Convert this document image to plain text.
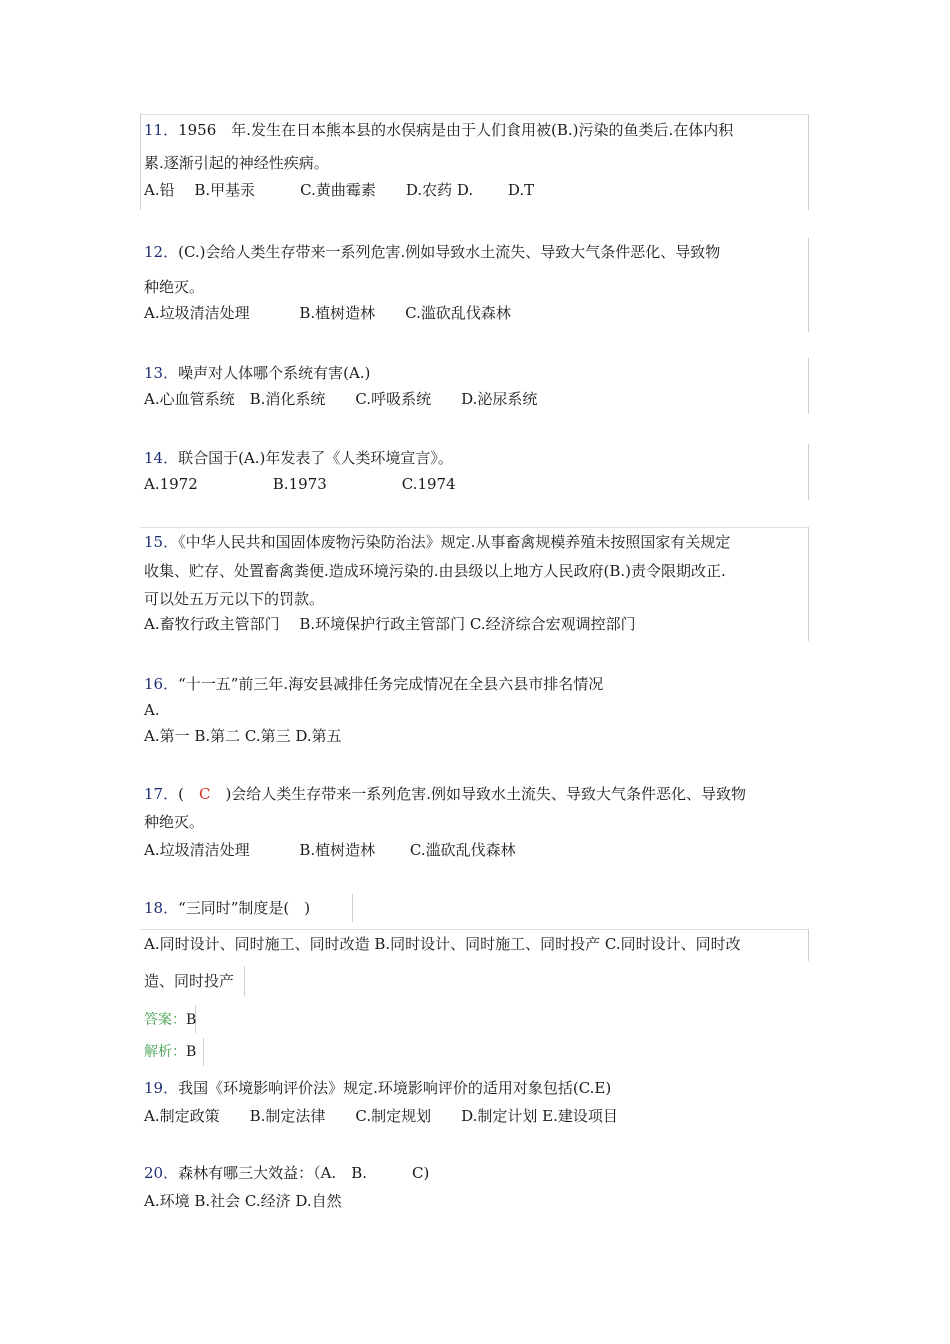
11．1956　年.发生在日本熊本县的水俣病是由于人们食用被(B.)污染的鱼类后.在体内积
累.逐渐引起的神经性疾病。
A.铅　 B.甲基汞　　　C.黄曲霉素　　D.农药 D.　　 D.T
12．(C.)会给人类生存带来一系列危害.例如导致水土流失、导致大气条件恶化、导致物
种绝灭。
A.垃圾清洁处理　　　 B.植树造林　　C.滥砍乱伐森林
13．噪声对人体哪个系统有害(A.)
A.心血管系统　B.消化系统　　C.呼吸系统　　D.泌尿系统
14．联合国于(A.)年发表了《人类环境宣言》。
A.1972　　　　　B.1973　　　　　C.1974
15．《中华人民共和国固体废物污染防治法》规定.从事畜禽规模养殖未按照国家有关规定
收集、贮存、处置畜禽粪便.造成环境污染的.由县级以上地方人民政府(B.)责令限期改正.
可以处五万元以下的罚款。
A.畜牧行政主管部门　 B.环境保护行政主管部门 C.经济综合宏观调控部门
16．“十一五”前三年.海安县减排任务完成情况在全县六县市排名情况
A.
A.第一 B.第二 C.第三 D.第五
17．(　C　)会给人类生存带来一系列危害.例如导致水土流失、导致大气条件恶化、导致物
种绝灭。
A.垃圾清洁处理　　　 B.植树造林　　 C.滥砍乱伐森林
18．“三同时”制度是(　)
A.同时设计、同时施工、同时改造 B.同时设计、同时施工、同时投产 C.同时设计、同时改
造、同时投产
答案：B
解析：B
19．我国《环境影响评价法》规定.环境影响评价的适用对象包括(C.E)
A.制定政策　　B.制定法律　　C.制定规划　　D.制定计划 E.建设项目
20．森林有哪三大效益：（A.　B.　　　C)
A.环境 B.社会 C.经济 D.自然
